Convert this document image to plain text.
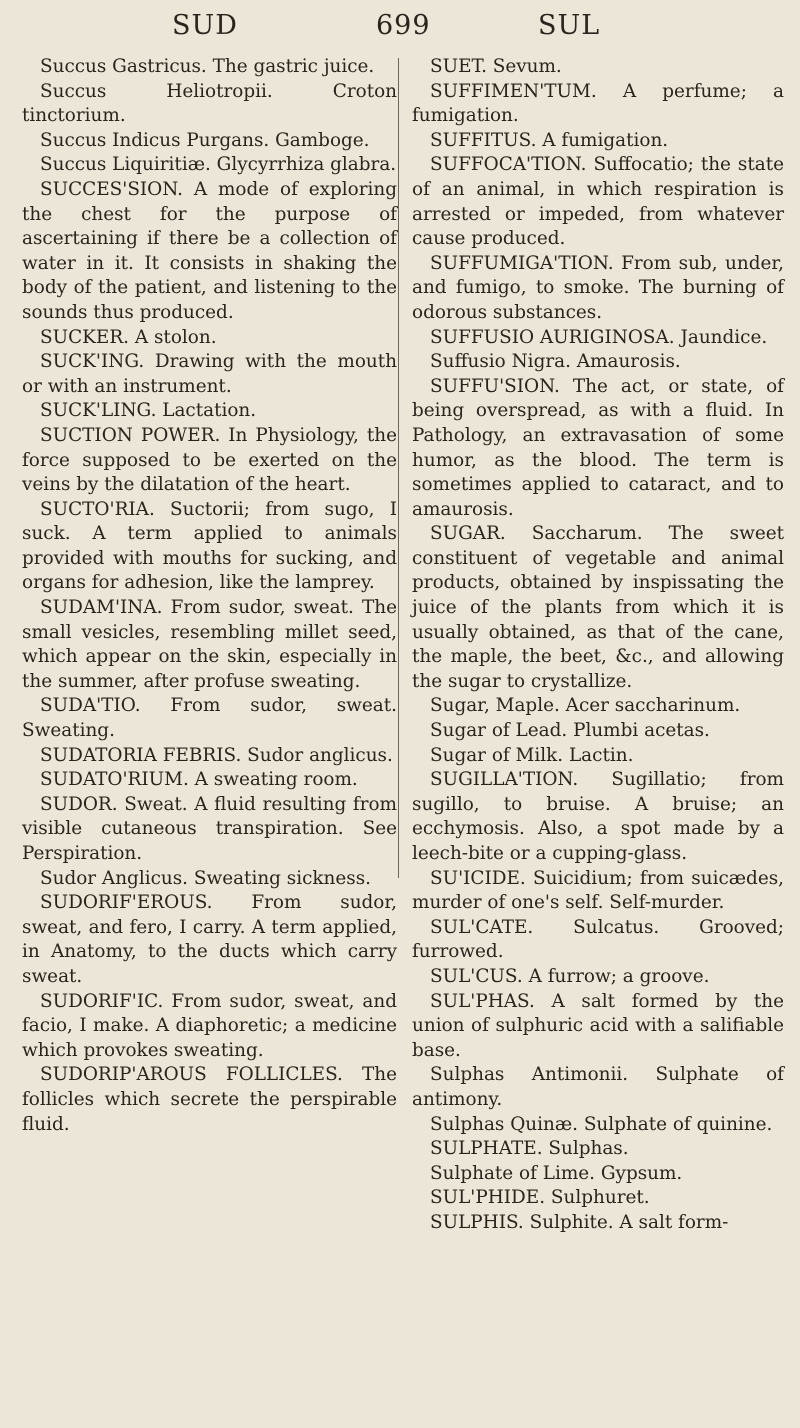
SUD	699	SUL

Succus Gastricus. The gastric juice.

Succus Heliotropii. Croton tinctorium.

Succus Indicus Purgans. Gamboge.

Succus Liquiritiæ. Glycyrrhiza glabra.

SUCCES'SION. A mode of exploring the chest for the purpose of ascertaining if there be a collection of water in it. It consists in shaking the body of the patient, and listening to the sounds thus produced.

SUCKER. A stolon.

SUCK'ING. Drawing with the mouth or with an instrument.

SUCK'LING. Lactation.

SUCTION POWER. In Physiology, the force supposed to be exerted on the veins by the dilatation of the heart.

SUCTO'RIA. Suctorii; from sugo, I suck. A term applied to animals provided with mouths for sucking, and organs for adhesion, like the lamprey.

SUDAM'INA. From sudor, sweat. The small vesicles, resembling millet seed, which appear on the skin, especially in the summer, after profuse sweating.

SUDA'TIO. From sudor, sweat. Sweating.

SUDATORIA FEBRIS. Sudor anglicus.

SUDATO'RIUM. A sweating room.

SUDOR. Sweat. A fluid resulting from visible cutaneous transpiration. See Perspiration.

Sudor Anglicus. Sweating sickness.

SUDORIF'EROUS. From sudor, sweat, and fero, I carry. A term applied, in Anatomy, to the ducts which carry sweat.

SUDORIF'IC. From sudor, sweat, and facio, I make. A diaphoretic; a medicine which provokes sweating.

SUDORIP'AROUS FOLLICLES. The follicles which secrete the perspirable fluid.

SUET. Sevum.

SUFFIMEN'TUM. A perfume; a fumigation.

SUFFITUS. A fumigation.

SUFFOCA'TION. Suffocatio; the state of an animal, in which respiration is arrested or impeded, from whatever cause produced.

SUFFUMIGA'TION. From sub, under, and fumigo, to smoke. The burning of odorous substances.

SUFFUSIO AURIGINOSA. Jaundice.

Suffusio Nigra. Amaurosis.

SUFFU'SION. The act, or state, of being overspread, as with a fluid. In Pathology, an extravasation of some humor, as the blood. The term is sometimes applied to cataract, and to amaurosis.

SUGAR. Saccharum. The sweet constituent of vegetable and animal products, obtained by inspissating the juice of the plants from which it is usually obtained, as that of the cane, the maple, the beet, &c., and allowing the sugar to crystallize.

Sugar, Maple. Acer saccharinum.

Sugar of Lead. Plumbi acetas.

Sugar of Milk. Lactin.

SUGILLA'TION. Sugillatio; from sugillo, to bruise. A bruise; an ecchymosis. Also, a spot made by a leech-bite or a cupping-glass.

SU'ICIDE. Suicidium; from suicædes, murder of one's self. Self-murder.

SUL'CATE. Sulcatus. Grooved; furrowed.

SUL'CUS. A furrow; a groove.

SUL'PHAS. A salt formed by the union of sulphuric acid with a salifiable base.

Sulphas Antimonii. Sulphate of antimony.

Sulphas Quinæ. Sulphate of quinine.

SULPHATE. Sulphas.

Sulphate of Lime. Gypsum.

SUL'PHIDE. Sulphuret.

SULPHIS. Sulphite. A salt form-
